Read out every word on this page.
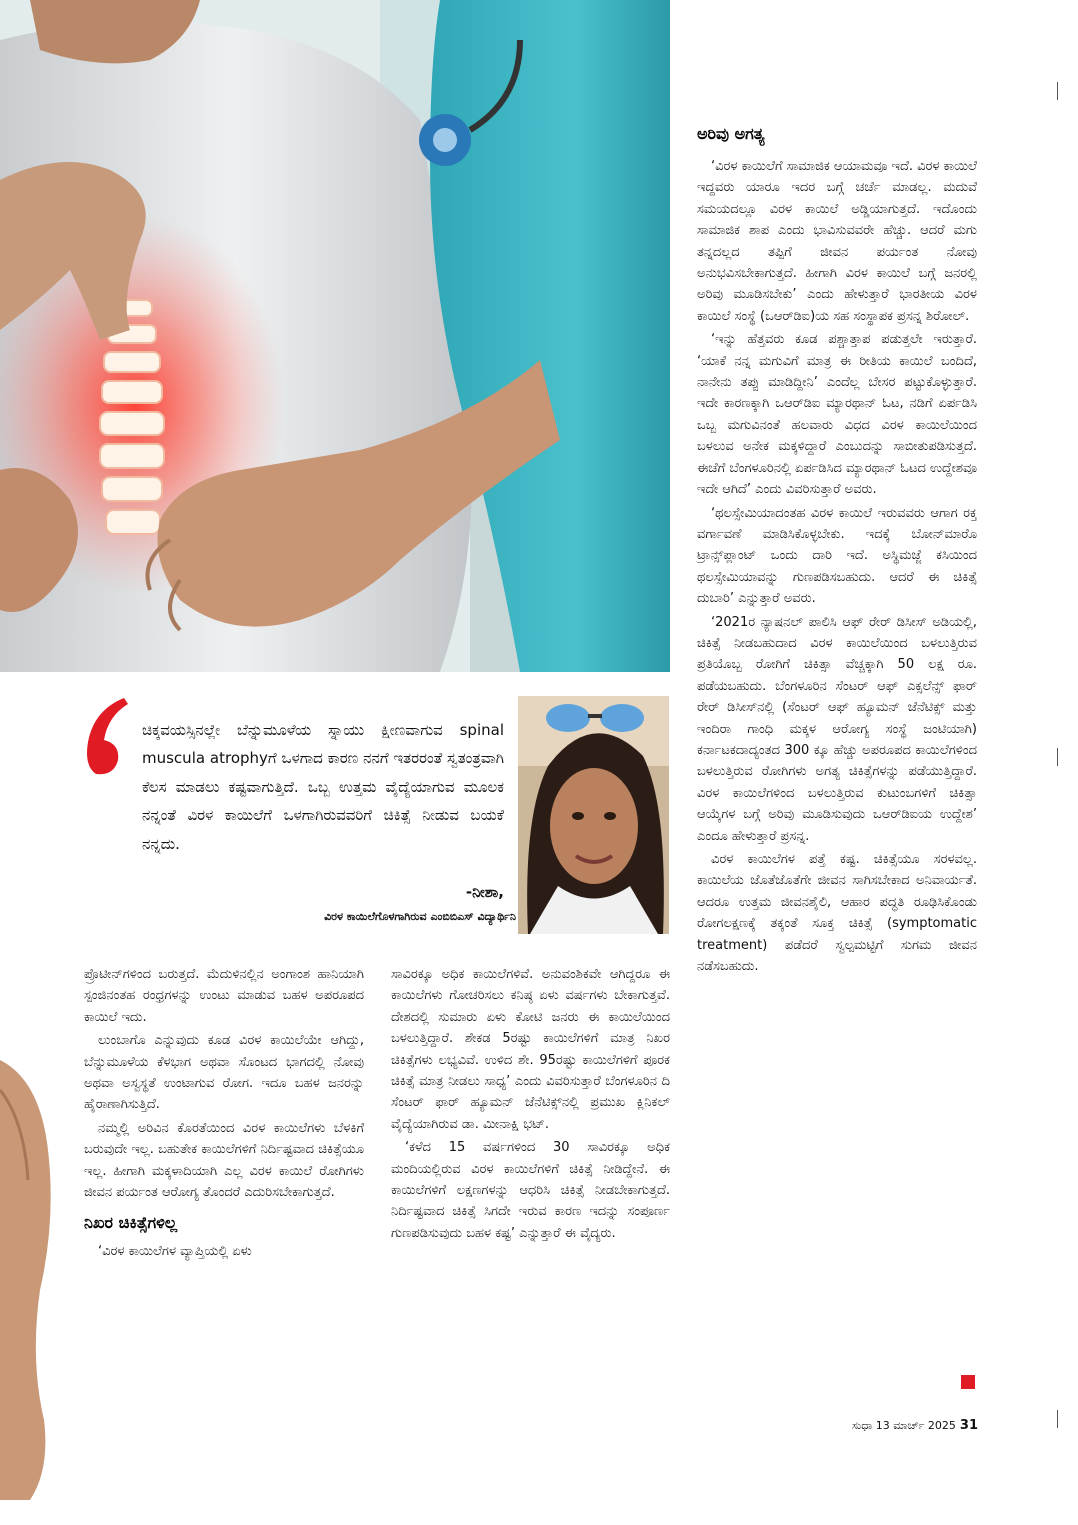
ಅರಿವು ಅಗತ್ಯ

‘ವಿರಳ ಕಾಯಿಲೆಗೆ ಸಾಮಾಜಿಕ ಆಯಾಮವೂ ಇದೆ. ವಿರಳ ಕಾಯಿಲೆ ಇದ್ದವರು ಯಾರೂ ಇದರ ಬಗ್ಗೆ ಚರ್ಚೆ ಮಾಡಲ್ಲ. ಮದುವೆ ಸಮಯದಲ್ಲೂ ವಿರಳ ಕಾಯಿಲೆ ಅಡ್ಡಿಯಾಗುತ್ತದೆ. ಇದೊಂದು ಸಾಮಾಜಿಕ ಶಾಪ ಎಂದು ಭಾವಿಸುವವರೇ ಹೆಚ್ಚು. ಆದರೆ ಮಗು ತನ್ನದಲ್ಲದ ತಪ್ಪಿಗೆ ಜೀವನ ಪರ್ಯಂತ ನೋವು ಅನುಭವಿಸಬೇಕಾಗುತ್ತದೆ. ಹೀಗಾಗಿ ವಿರಳ ಕಾಯಿಲೆ ಬಗ್ಗೆ ಜನರಲ್ಲಿ ಅರಿವು ಮೂಡಿಸಬೇಕು’ ಎಂದು ಹೇಳುತ್ತಾರೆ ಭಾರತೀಯ ವಿರಳ ಕಾಯಿಲೆ ಸಂಸ್ಥೆ (ಒಆರ್‌ಡಿಐ)ಯ ಸಹ ಸಂಸ್ಥಾಪಕ ಪ್ರಸನ್ನ ಶಿರೋಲ್.

‘ಇನ್ನು ಹೆತ್ತವರು ಕೂಡ ಪಶ್ಚಾತ್ತಾಪ ಪಡುತ್ತಲೇ ಇರುತ್ತಾರೆ. ‘ಯಾಕೆ ನನ್ನ ಮಗುವಿಗೆ ಮಾತ್ರ ಈ ರೀತಿಯ ಕಾಯಿಲೆ ಬಂದಿದೆ, ನಾನೇನು ತಪ್ಪು ಮಾಡಿದ್ದೀನಿ’ ಎಂದೆಲ್ಲ ಬೇಸರ ಪಟ್ಟುಕೊಳ್ಳುತ್ತಾರೆ. ಇದೇ ಕಾರಣಕ್ಕಾಗಿ ಒಆರ್‌ಡಿಐ ಮ್ಯಾರಥಾನ್ ಓಟ, ನಡಿಗೆ ಏರ್ಪಡಿಸಿ ಒಬ್ಬ ಮಗುವಿನಂತೆ ಹಲವಾರು ವಿಧದ ವಿರಳ ಕಾಯಿಲೆಯಿಂದ ಬಳಲುವ ಅನೇಕ ಮಕ್ಕಳಿದ್ದಾರೆ ಎಂಬುದನ್ನು ಸಾಬೀತುಪಡಿಸುತ್ತದೆ. ಈಚೆಗೆ ಬೆಂಗಳೂರಿನಲ್ಲಿ ಏರ್ಪಡಿಸಿದ ಮ್ಯಾರಥಾನ್ ಓಟದ ಉದ್ದೇಶವೂ ಇದೇ ಆಗಿದೆ’ ಎಂದು ವಿವರಿಸುತ್ತಾರೆ ಅವರು.

‘ಥಲಸ್ಸೇಮಿಯಾದಂತಹ ವಿರಳ ಕಾಯಿಲೆ ಇರುವವರು ಆಗಾಗ ರಕ್ತ ವರ್ಗಾವಣೆ ಮಾಡಿಸಿಕೊಳ್ಳಬೇಕು. ಇದಕ್ಕೆ ಬೋನ್‌ಮಾರೊ ಟ್ರಾನ್ಸ್‌ಪ್ಲಾಂಟ್ ಒಂದು ದಾರಿ ಇದೆ. ಅಸ್ಥಿಮಜ್ಜೆ ಕಸಿಯಿಂದ ಥಲಸ್ಸೇಮಿಯಾವನ್ನು ಗುಣಪಡಿಸಬಹುದು. ಆದರೆ ಈ ಚಿಕಿತ್ಸೆ ದುಬಾರಿ’ ಎನ್ನುತ್ತಾರೆ ಅವರು.

‘2021ರ ನ್ಯಾಷನಲ್ ಪಾಲಿಸಿ ಆಫ್ ರೇರ್ ಡಿಸೀಸ್ ಅಡಿಯಲ್ಲಿ, ಚಿಕಿತ್ಸೆ ನೀಡಬಹುದಾದ ವಿರಳ ಕಾಯಿಲೆಯಿಂದ ಬಳಲುತ್ತಿರುವ ಪ್ರತಿಯೊಬ್ಬ ರೋಗಿಗೆ ಚಿಕಿತ್ಸಾ ವೆಚ್ಚಕ್ಕಾಗಿ 50 ಲಕ್ಷ ರೂ. ಪಡೆಯಬಹುದು. ಬೆಂಗಳೂರಿನ ಸೆಂಟರ್ ಆಫ್ ಎಕ್ಸಲೆನ್ಸ್ ಫಾರ್ ರೇರ್ ಡಿಸೀಸ್‌ನಲ್ಲಿ (ಸೆಂಟರ್ ಆಫ್ ಹ್ಯೂಮನ್ ಜೆನೆಟಿಕ್ಸ್ ಮತ್ತು ಇಂದಿರಾ ಗಾಂಧಿ ಮಕ್ಕಳ ಆರೋಗ್ಯ ಸಂಸ್ಥೆ ಜಂಟಿಯಾಗಿ) ಕರ್ನಾಟಕದಾದ್ಯಂತದ 300 ಕ್ಕೂ ಹೆಚ್ಚು ಅಪರೂಪದ ಕಾಯಿಲೆಗಳಿಂದ ಬಳಲುತ್ತಿರುವ ರೋಗಿಗಳು ಅಗತ್ಯ ಚಿಕಿತ್ಸೆಗಳನ್ನು ಪಡೆಯುತ್ತಿದ್ದಾರೆ. ವಿರಳ ಕಾಯಿಲೆಗಳಿಂದ ಬಳಲುತ್ತಿರುವ ಕುಟುಂಬಗಳಿಗೆ ಚಿಕಿತ್ಸಾ ಆಯ್ಕೆಗಳ ಬಗ್ಗೆ ಅರಿವು ಮೂಡಿಸುವುದು ಒಆರ್‌ಡಿಐಯ ಉದ್ದೇಶ’ ಎಂದೂ ಹೇಳುತ್ತಾರೆ ಪ್ರಸನ್ನ.

ವಿರಳ ಕಾಯಿಲೆಗಳ ಪತ್ತೆ ಕಷ್ಟ. ಚಿಕಿತ್ಸೆಯೂ ಸರಳವಲ್ಲ. ಕಾಯಿಲೆಯ ಜೊತೆಜೊತೆಗೇ ಜೀವನ ಸಾಗಿಸಬೇಕಾದ ಅನಿವಾರ್ಯತೆ. ಆದರೂ ಉತ್ತಮ ಜೀವನಶೈಲಿ, ಆಹಾರ ಪದ್ಧತಿ ರೂಢಿಸಿಕೊಂಡು ರೋಗಲಕ್ಷಣಕ್ಕೆ ತಕ್ಕಂತೆ ಸೂಕ್ತ ಚಿಕಿತ್ಸೆ (symptomatic treatment) ಪಡೆದರೆ ಸ್ವಲ್ಪಮಟ್ಟಿಗೆ ಸುಗಮ ಜೀವನ ನಡೆಸಬಹುದು.

ಚಿಕ್ಕವಯಸ್ಸಿನಲ್ಲೇ ಬೆನ್ನುಮೂಳೆಯ ಸ್ನಾಯು ಕ್ಷೀಣವಾಗುವ spinal muscula atrophyಗೆ ಒಳಗಾದ ಕಾರಣ ನನಗೆ ಇತರರಂತೆ ಸ್ವತಂತ್ರವಾಗಿ ಕೆಲಸ ಮಾಡಲು ಕಷ್ಟವಾಗುತ್ತಿದೆ. ಒಬ್ಬ ಉತ್ತಮ ವೈದ್ಯೆಯಾಗುವ ಮೂಲಕ ನನ್ನಂತೆ ವಿರಳ ಕಾಯಿಲೆಗೆ ಒಳಗಾಗಿರುವವರಿಗೆ ಚಿಕಿತ್ಸೆ ನೀಡುವ ಬಯಕೆ ನನ್ನದು.
-ನೀಶಾ,
ವಿರಳ ಕಾಯಿಲೆಗೊಳಗಾಗಿರುವ ಎಂಬಿಬಿಎಸ್ ವಿದ್ಯಾರ್ಥಿನಿ

ಪ್ರೊಟೀನ್‌ಗಳಿಂದ ಬರುತ್ತದೆ. ಮೆದುಳಿನಲ್ಲಿನ ಅಂಗಾಂಶ ಹಾನಿಯಾಗಿ ಸ್ಪಂಜಿನಂತಹ ರಂಧ್ರಗಳನ್ನು ಉಂಟು ಮಾಡುವ ಬಹಳ ಅಪರೂಪದ ಕಾಯಿಲೆ ಇದು.

ಲುಂಬಾಗೊ ಎನ್ನುವುದು ಕೂಡ ವಿರಳ ಕಾಯಿಲೆಯೇ ಆಗಿದ್ದು, ಬೆನ್ನುಮೂಳೆಯ ಕೆಳಭಾಗ ಅಥವಾ ಸೊಂಟದ ಭಾಗದಲ್ಲಿ ನೋವು ಅಥವಾ ಅಸ್ವಸ್ಥತೆ ಉಂಟಾಗುವ ರೋಗ. ಇದೂ ಬಹಳ ಜನರನ್ನು ಹೈರಾಣಾಗಿಸುತ್ತಿದೆ.

ನಮ್ಮಲ್ಲಿ ಅರಿವಿನ ಕೊರತೆಯಿಂದ ವಿರಳ ಕಾಯಿಲೆಗಳು ಬೆಳಕಿಗೆ ಬರುವುದೇ ಇಲ್ಲ. ಬಹುತೇಕ ಕಾಯಿಲೆಗಳಿಗೆ ನಿರ್ದಿಷ್ಟವಾದ ಚಿಕಿತ್ಸೆಯೂ ಇಲ್ಲ. ಹೀಗಾಗಿ ಮಕ್ಕಳಾದಿಯಾಗಿ ಎಲ್ಲ ವಿರಳ ಕಾಯಿಲೆ ರೋಗಿಗಳು ಜೀವನ ಪರ್ಯಂತ ಆರೋಗ್ಯ ತೊಂದರೆ ಎದುರಿಸಬೇಕಾಗುತ್ತದೆ.

ನಿಖರ ಚಿಕಿತ್ಸೆಗಳಿಲ್ಲ

‘ವಿರಳ ಕಾಯಿಲೆಗಳ ವ್ಯಾಪ್ತಿಯಲ್ಲಿ ಏಳು

ಸಾವಿರಕ್ಕೂ ಅಧಿಕ ಕಾಯಿಲೆಗಳಿವೆ. ಅನುವಂಶಿಕವೇ ಆಗಿದ್ದರೂ ಈ ಕಾಯಿಲೆಗಳು ಗೋಚರಿಸಲು ಕನಿಷ್ಠ ಏಳು ವರ್ಷಗಳು ಬೇಕಾಗುತ್ತವೆ. ದೇಶದಲ್ಲಿ ಸುಮಾರು ಏಳು ಕೋಟಿ ಜನರು ಈ ಕಾಯಿಲೆಯಿಂದ ಬಳಲುತ್ತಿದ್ದಾರೆ. ಶೇಕಡ 5ರಷ್ಟು ಕಾಯಿಲೆಗಳಿಗೆ ಮಾತ್ರ ನಿಖರ ಚಿಕಿತ್ಸೆಗಳು ಲಭ್ಯವಿವೆ. ಉಳಿದ ಶೇ. 95ರಷ್ಟು ಕಾಯಿಲೆಗಳಿಗೆ ಪೂರಕ ಚಿಕಿತ್ಸೆ ಮಾತ್ರ ನೀಡಲು ಸಾಧ್ಯ’ ಎಂದು ವಿವರಿಸುತ್ತಾರೆ ಬೆಂಗಳೂರಿನ ದಿ ಸೆಂಟರ್ ಫಾರ್ ಹ್ಯೂಮನ್ ಜೆನೆಟಿಕ್ಸ್‌ನಲ್ಲಿ ಪ್ರಮುಖ ಕ್ಲಿನಿಕಲ್ ವೈದ್ಯೆಯಾಗಿರುವ ಡಾ. ಮೀನಾಕ್ಷಿ ಭಟ್.

‘ಕಳೆದ 15 ವರ್ಷಗಳಿಂದ 30 ಸಾವಿರಕ್ಕೂ ಅಧಿಕ ಮಂದಿಯಲ್ಲಿರುವ ವಿರಳ ಕಾಯಿಲೆಗಳಿಗೆ ಚಿಕಿತ್ಸೆ ನೀಡಿದ್ದೇನೆ. ಈ ಕಾಯಿಲೆಗಳಿಗೆ ಲಕ್ಷಣಗಳನ್ನು ಆಧರಿಸಿ ಚಿಕಿತ್ಸೆ ನೀಡಬೇಕಾಗುತ್ತದೆ. ನಿರ್ದಿಷ್ಟವಾದ ಚಿಕಿತ್ಸೆ ಸಿಗದೇ ಇರುವ ಕಾರಣ ಇದನ್ನು ಸಂಪೂರ್ಣ ಗುಣಪಡಿಸುವುದು ಬಹಳ ಕಷ್ಟ’ ಎನ್ನುತ್ತಾರೆ ಈ ವೈದ್ಯರು.

ಸುಧಾ 13 ಮಾರ್ಚ್ 2025 31
